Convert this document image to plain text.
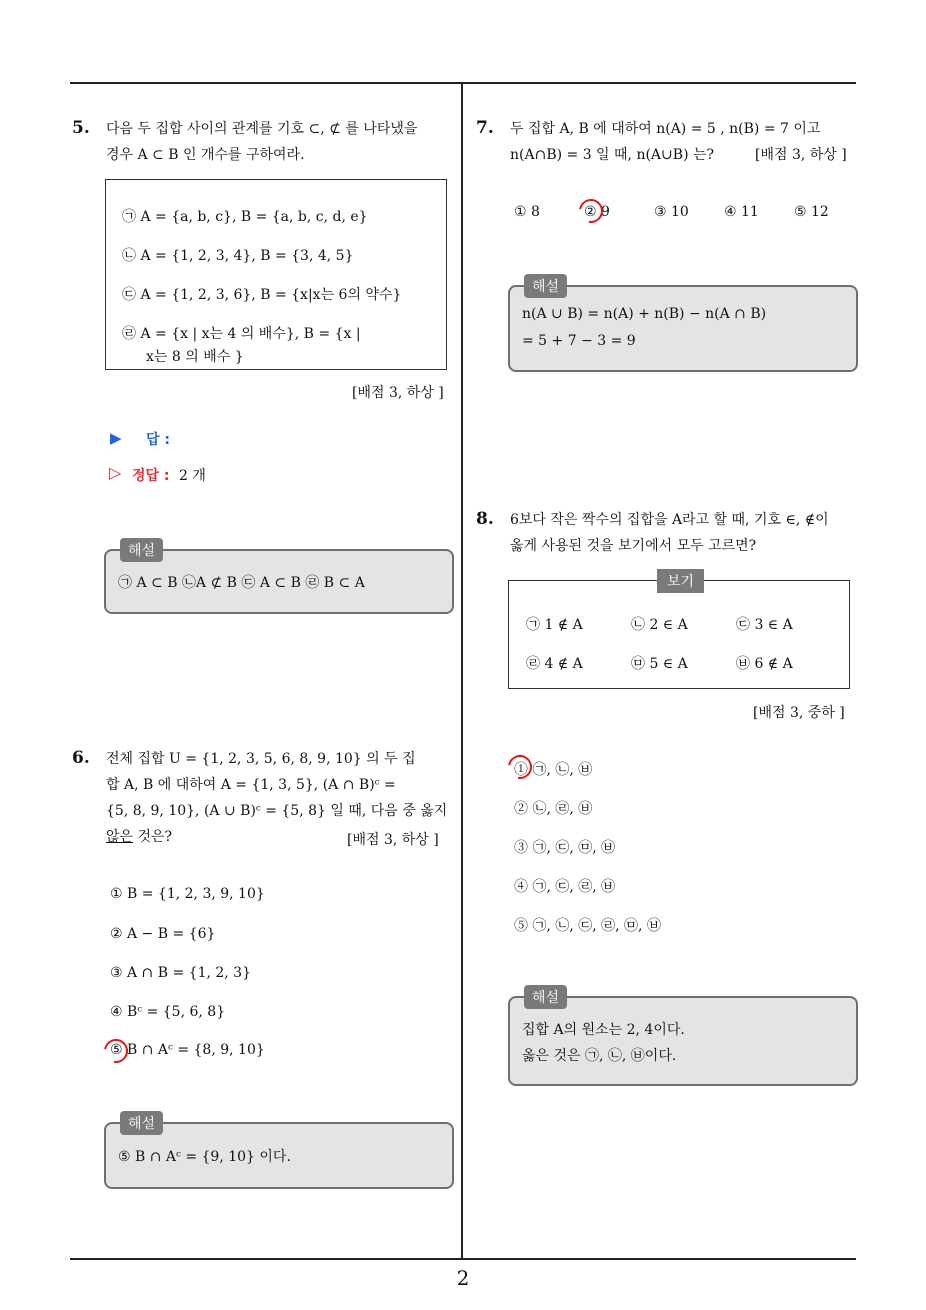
2
5. 다음 두 집합 사이의 관계를 기호 ⊂, ⊄ 를 나타냈을
경우 A ⊂ B 인 개수를 구하여라.
㉠ A = {a, b, c}, B = {a, b, c, d, e}
㉡ A = {1, 2, 3, 4}, B = {3, 4, 5}
㉢ A = {1, 2, 3, 6}, B = {x|x는 6의 약수}
㉣ A = {x | x는 4 의 배수}, B = {x |
x는 8 의 배수 }
[배점 3, 하상 ]
▶ 답 :
▷ 정답 : 2 개
해설
㉠ A ⊂ B ㉡A ⊄ B ㉢ A ⊂ B ㉣ B ⊂ A
6. 전체 집합 U = {1, 2, 3, 5, 6, 8, 9, 10} 의 두 집
합 A, B 에 대하여 A = {1, 3, 5}, (A ∩ B)ᶜ =
{5, 8, 9, 10}, (A ∪ B)ᶜ = {5, 8} 일 때, 다음 중 옳지
않은 것은?	[배점 3, 하상 ]
① B = {1, 2, 3, 9, 10}
② A − B = {6}
③ A ∩ B = {1, 2, 3}
④ Bᶜ = {5, 6, 8}
⑤ B ∩ Aᶜ = {8, 9, 10}
해설
⑤ B ∩ Aᶜ = {9, 10} 이다.
7. 두 집합 A, B 에 대하여 n(A) = 5 , n(B) = 7 이고
n(A∩B) = 3 일 때, n(A∪B) 는?	[배점 3, 하상 ]
① 8	② 9	③ 10	④ 11	⑤ 12
해설
n(A ∪ B) = n(A) + n(B) − n(A ∩ B)
= 5 + 7 − 3 = 9
8. 6보다 작은 짝수의 집합을 A라고 할 때, 기호 ∈, ∉이
옳게 사용된 것을 보기에서 모두 고르면?
보기
㉠ 1 ∉ A	㉡ 2 ∈ A	㉢ 3 ∈ A
㉣ 4 ∉ A	㉤ 5 ∈ A	㉥ 6 ∉ A
[배점 3, 중하 ]
① ㉠, ㉡, ㉥
② ㉡, ㉣, ㉥
③ ㉠, ㉢, ㉤, ㉥
④ ㉠, ㉢, ㉣, ㉥
⑤ ㉠, ㉡, ㉢, ㉣, ㉤, ㉥
해설
집합 A의 원소는 2, 4이다.
옳은 것은 ㉠, ㉡, ㉥이다.
